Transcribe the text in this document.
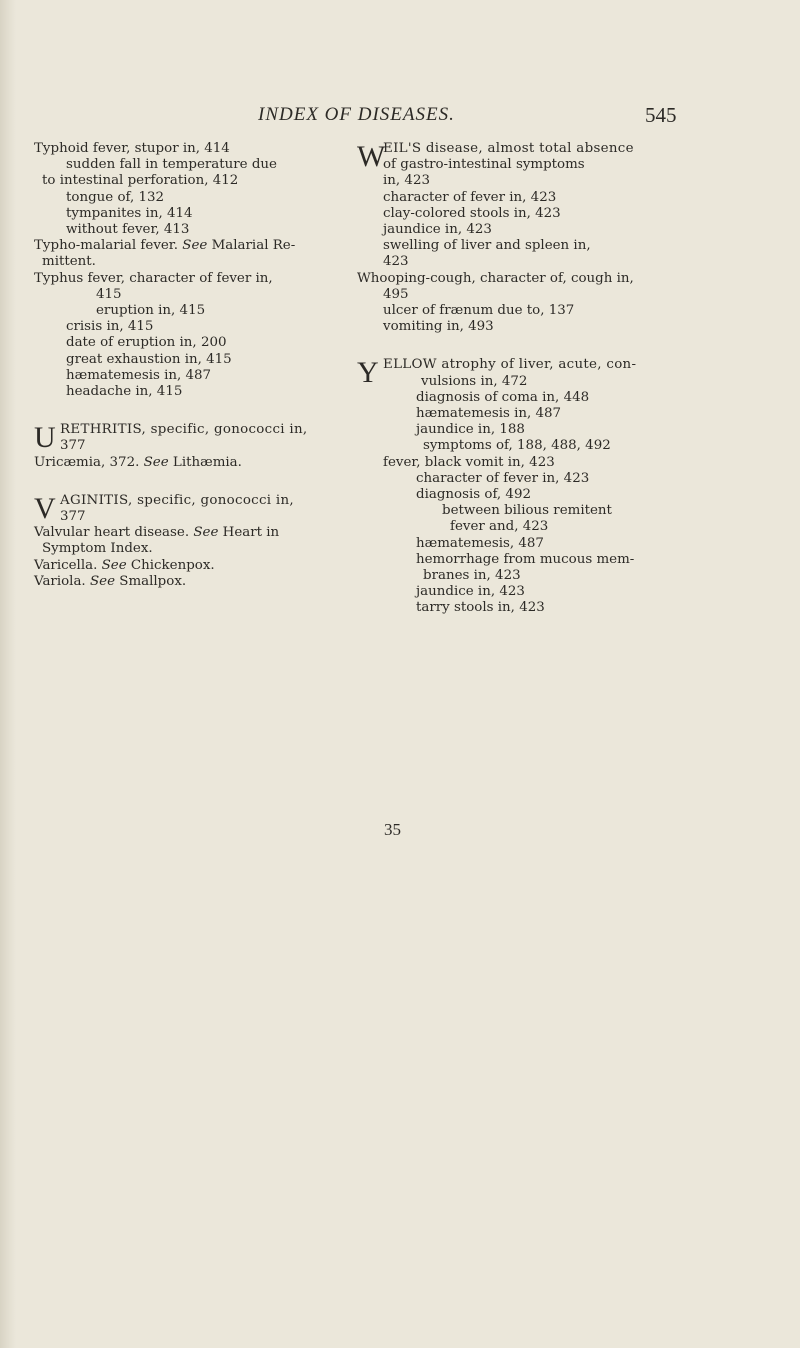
INDEX OF DISEASES.	545
Typhoid fever, stupor in, 414
sudden fall in temperature due
to intestinal perforation, 412
tongue of, 132
tympanites in, 414
without fever, 413
Typho-malarial fever. See Malarial Re-
mittent.
Typhus fever, character of fever in,
415
eruption in, 415
crisis in, 415
date of eruption in, 200
great exhaustion in, 415
hæmatemesis in, 487
headache in, 415
U RETHRITIS, specific, gonococci in,
377
Uricæmia, 372. See Lithæmia.
V AGINITIS, specific, gonococci in,
377
Valvular heart disease. See Heart in
Symptom Index.
Varicella. See Chickenpox.
Variola. See Smallpox.
W
EIL'S disease, almost total absence
of gastro-intestinal symptoms
in, 423
character of fever in, 423
clay-colored stools in, 423
jaundice in, 423
swelling of liver and spleen in,
423
Whooping-cough, character of, cough in,
495
ulcer of frænum due to, 137
vomiting in, 493
Y ELLOW atrophy of liver, acute, con-
vulsions in, 472
diagnosis of coma in, 448
hæmatemesis in, 487
jaundice in, 188
symptoms of, 188, 488, 492
fever, black vomit in, 423
character of fever in, 423
diagnosis of, 492
between bilious remitent
fever and, 423
hæmatemesis, 487
hemorrhage from mucous mem-
branes in, 423
jaundice in, 423
tarry stools in, 423
35
